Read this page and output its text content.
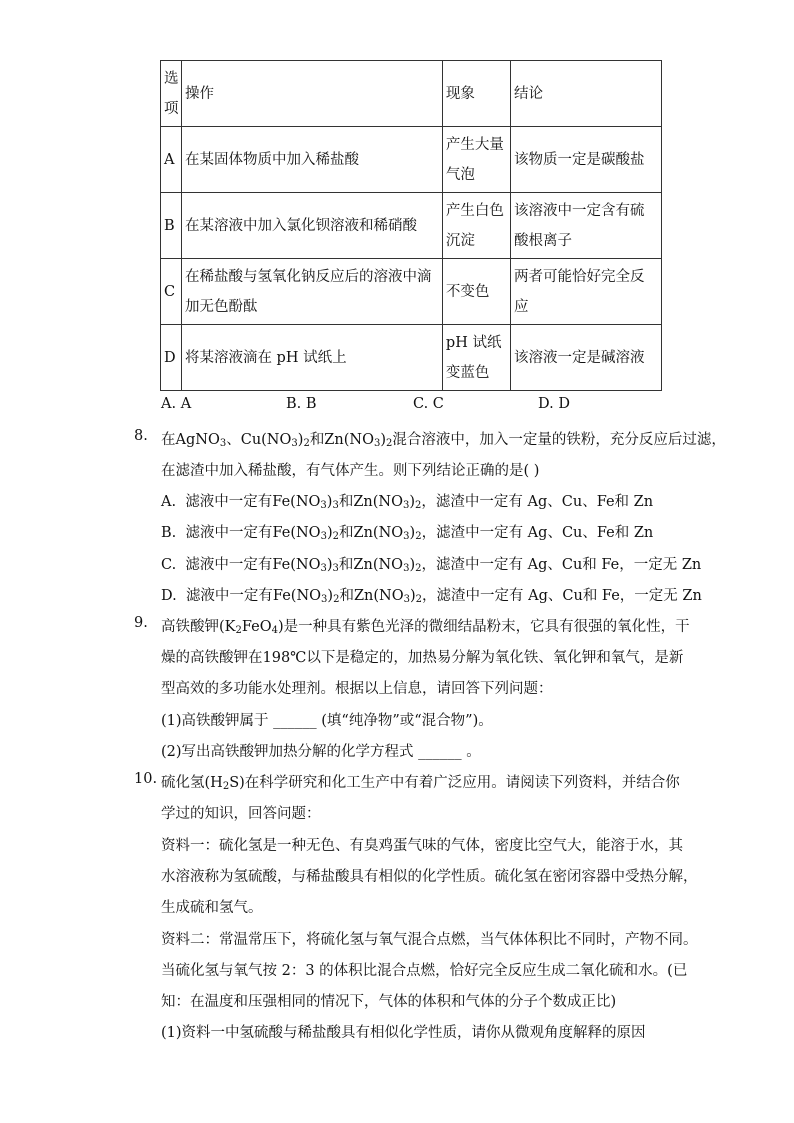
选项	操作	现象	结论
A	在某固体物质中加入稀盐酸	产生大量气泡	该物质一定是碳酸盐
B	在某溶液中加入氯化钡溶液和稀硝酸	产生白色沉淀	该溶液中一定含有硫酸根离子
C	在稀盐酸与氢氧化钠反应后的溶液中滴加无色酚酞	不变色	两者可能恰好完全反应
D	将某溶液滴在 pH 试纸上	pH 试纸变蓝色	该溶液一定是碱溶液
A. A	B. B	C. C	D. D
8. 在AgNO$_3$、$Cu(NO_3)_2$和$Zn(NO_3)_2$混合溶液中，加入一定量的铁粉，充分反应后过滤，
在滤渣中加入稀盐酸，有气体产生。则下列结论正确的是( )
A. 滤液中一定有$Fe(NO_3)_3$和$Zn(NO_3)_2$，滤渣中一定有 Ag、Cu、Fe和 Zn
B. 滤液中一定有$Fe(NO_3)_2$和$Zn(NO_3)_2$，滤渣中一定有 Ag、Cu、Fe和 Zn
C. 滤液中一定有$Fe(NO_3)_3$和$Zn(NO_3)_2$，滤渣中一定有 Ag、Cu和 Fe，一定无 Zn
D. 滤液中一定有$Fe(NO_3)_2$和$Zn(NO_3)_2$，滤渣中一定有 Ag、Cu和 Fe，一定无 Zn
9. 高铁酸钾$(K_2FeO_4)$是一种具有紫色光泽的微细结晶粉末，它具有很强的氧化性，干
燥的高铁酸钾在198℃以下是稳定的，加热易分解为氧化铁、氧化钾和氧气，是新
型高效的多功能水处理剂。根据以上信息，请回答下列问题：
(1)高铁酸钾属于 ______ (填“纯净物”或“混合物”)。
(2)写出高铁酸钾加热分解的化学方程式 ______ 。
10. 硫化氢$(H_2S)$在科学研究和化工生产中有着广泛应用。请阅读下列资料，并结合你
学过的知识，回答问题：
资料一：硫化氢是一种无色、有臭鸡蛋气味的气体，密度比空气大，能溶于水，其
水溶液称为氢硫酸，与稀盐酸具有相似的化学性质。硫化氢在密闭容器中受热分解，
生成硫和氢气。
资料二：常温常压下，将硫化氢与氧气混合点燃，当气体体积比不同时，产物不同。
当硫化氢与氧气按 2：3 的体积比混合点燃，恰好完全反应生成二氧化硫和水。(已
知：在温度和压强相同的情况下，气体的体积和气体的分子个数成正比)
(1)资料一中氢硫酸与稀盐酸具有相似化学性质，请你从微观角度解释的原因
